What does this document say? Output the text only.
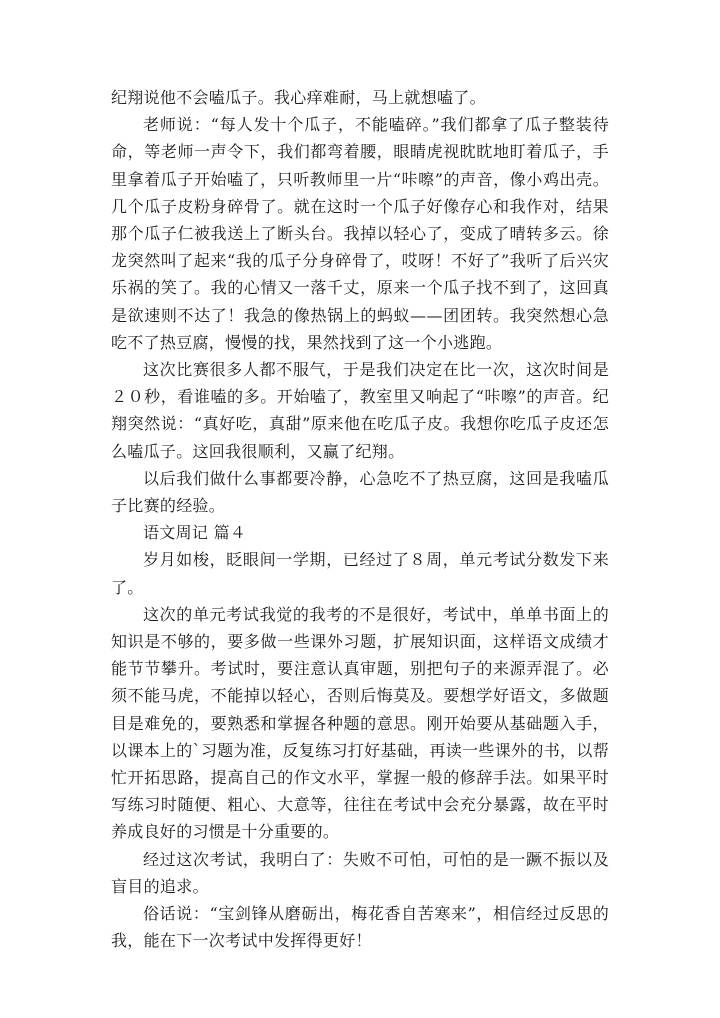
纪翔说他不会嗑瓜子。我心痒难耐，马上就想嗑了。

老师说：“每人发十个瓜子，不能嗑碎。”我们都拿了瓜子整装待命，等老师一声令下，我们都弯着腰，眼睛虎视眈眈地盯着瓜子，手里拿着瓜子开始嗑了，只听教师里一片“咔嚓”的声音，像小鸡出壳。几个瓜子皮粉身碎骨了。就在这时一个瓜子好像存心和我作对，结果那个瓜子仁被我送上了断头台。我掉以轻心了，变成了晴转多云。徐龙突然叫了起来“我的瓜子分身碎骨了，哎呀！不好了”我听了后兴灾乐祸的笑了。我的心情又一落千丈，原来一个瓜子找不到了，这回真是欲速则不达了！我急的像热锅上的蚂蚁——团团转。我突然想心急吃不了热豆腐，慢慢的找，果然找到了这一个小逃跑。

这次比赛很多人都不服气，于是我们决定在比一次，这次时间是２０秒，看谁嗑的多。开始嗑了，教室里又响起了“咔嚓”的声音。纪翔突然说：“真好吃，真甜”原来他在吃瓜子皮。我想你吃瓜子皮还怎么嗑瓜子。这回我很顺利，又赢了纪翔。

以后我们做什么事都要冷静，心急吃不了热豆腐，这回是我嗑瓜子比赛的经验。

语文周记 篇４

岁月如梭，眨眼间一学期，已经过了８周，单元考试分数发下来了。

这次的单元考试我觉的我考的不是很好，考试中，单单书面上的知识是不够的，要多做一些课外习题，扩展知识面，这样语文成绩才能节节攀升。考试时，要注意认真审题，别把句子的来源弄混了。必须不能马虎，不能掉以轻心，否则后悔莫及。要想学好语文，多做题目是难免的，要熟悉和掌握各种题的意思。刚开始要从基础题入手，以课本上的`习题为准，反复练习打好基础，再读一些课外的书，以帮忙开拓思路，提高自己的作文水平，掌握一般的修辞手法。如果平时写练习时随便、粗心、大意等，往往在考试中会充分暴露，故在平时养成良好的习惯是十分重要的。

经过这次考试，我明白了：失败不可怕，可怕的是一蹶不振以及盲目的追求。

俗话说：“宝剑锋从磨砺出，梅花香自苦寒来”，相信经过反思的我，能在下一次考试中发挥得更好！
